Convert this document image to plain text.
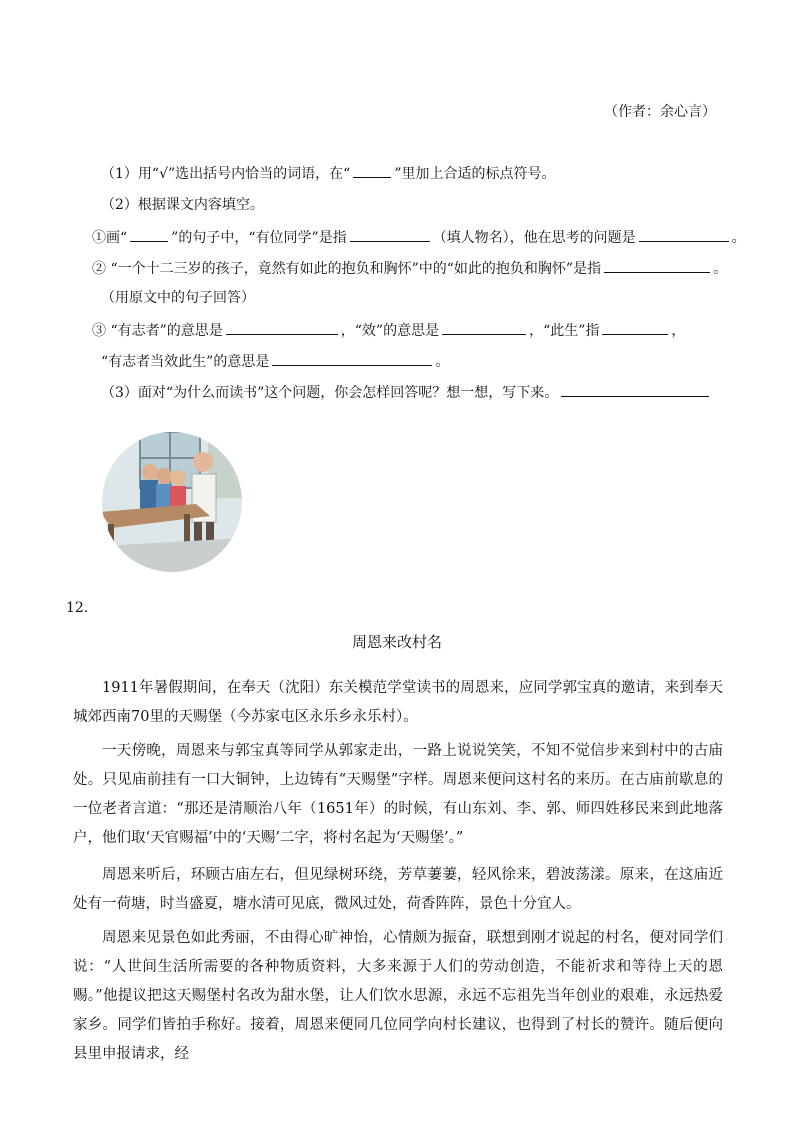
（作者：余心言）
（1）用“√”选出括号内恰当的词语，在“	”里加上合适的标点符号。
（2）根据课文内容填空。
①画“	”的句子中，“有位同学”是指	（填人物名），他在思考的问题是	。
② “一个十二三岁的孩子，竟然有如此的抱负和胸怀”中的“如此的抱负和胸怀”是指	。
（用原文中的句子回答）
③ “有志者”的意思是	，“效”的意思是	，“此生”指	，
“有志者当效此生”的意思是	。
（3）面对“为什么而读书”这个问题，你会怎样回答呢？想一想，写下来。
12．
周恩来改村名

1911年暑假期间，在奉天（沈阳）东关模范学堂读书的周恩来，应同学郭宝真的邀请，来到奉天城郊西南70里的天赐堡（今苏家屯区永乐乡永乐村）。

一天傍晚，周恩来与郭宝真等同学从郭家走出，一路上说说笑笑，不知不觉信步来到村中的古庙处。只见庙前挂有一口大铜钟，上边铸有“天赐堡”字样。周恩来便问这村名的来历。在古庙前歇息的一位老者言道：“那还是清顺治八年（1651年）的时候，有山东刘、李、郭、师四姓移民来到此地落户，他们取‘天官赐福’中的‘天赐’二字，将村名起为‘天赐堡’。”

周恩来听后，环顾古庙左右，但见绿树环绕，芳草萋萋，轻风徐来，碧波荡漾。原来，在这庙近处有一荷塘，时当盛夏，塘水清可见底，微风过处，荷香阵阵，景色十分宜人。

周恩来见景色如此秀丽，不由得心旷神怡，心情颇为振奋，联想到刚才说起的村名，便对同学们说：“人世间生活所需要的各种物质资料，大多来源于人们的劳动创造，不能祈求和等待上天的恩赐。”他提议把这天赐堡村名改为甜水堡，让人们饮水思源，永远不忘祖先当年创业的艰难，永远热爱家乡。同学们皆拍手称好。接着，周恩来便同几位同学向村长建议，也得到了村长的赞许。随后便向县里申报请求，经
